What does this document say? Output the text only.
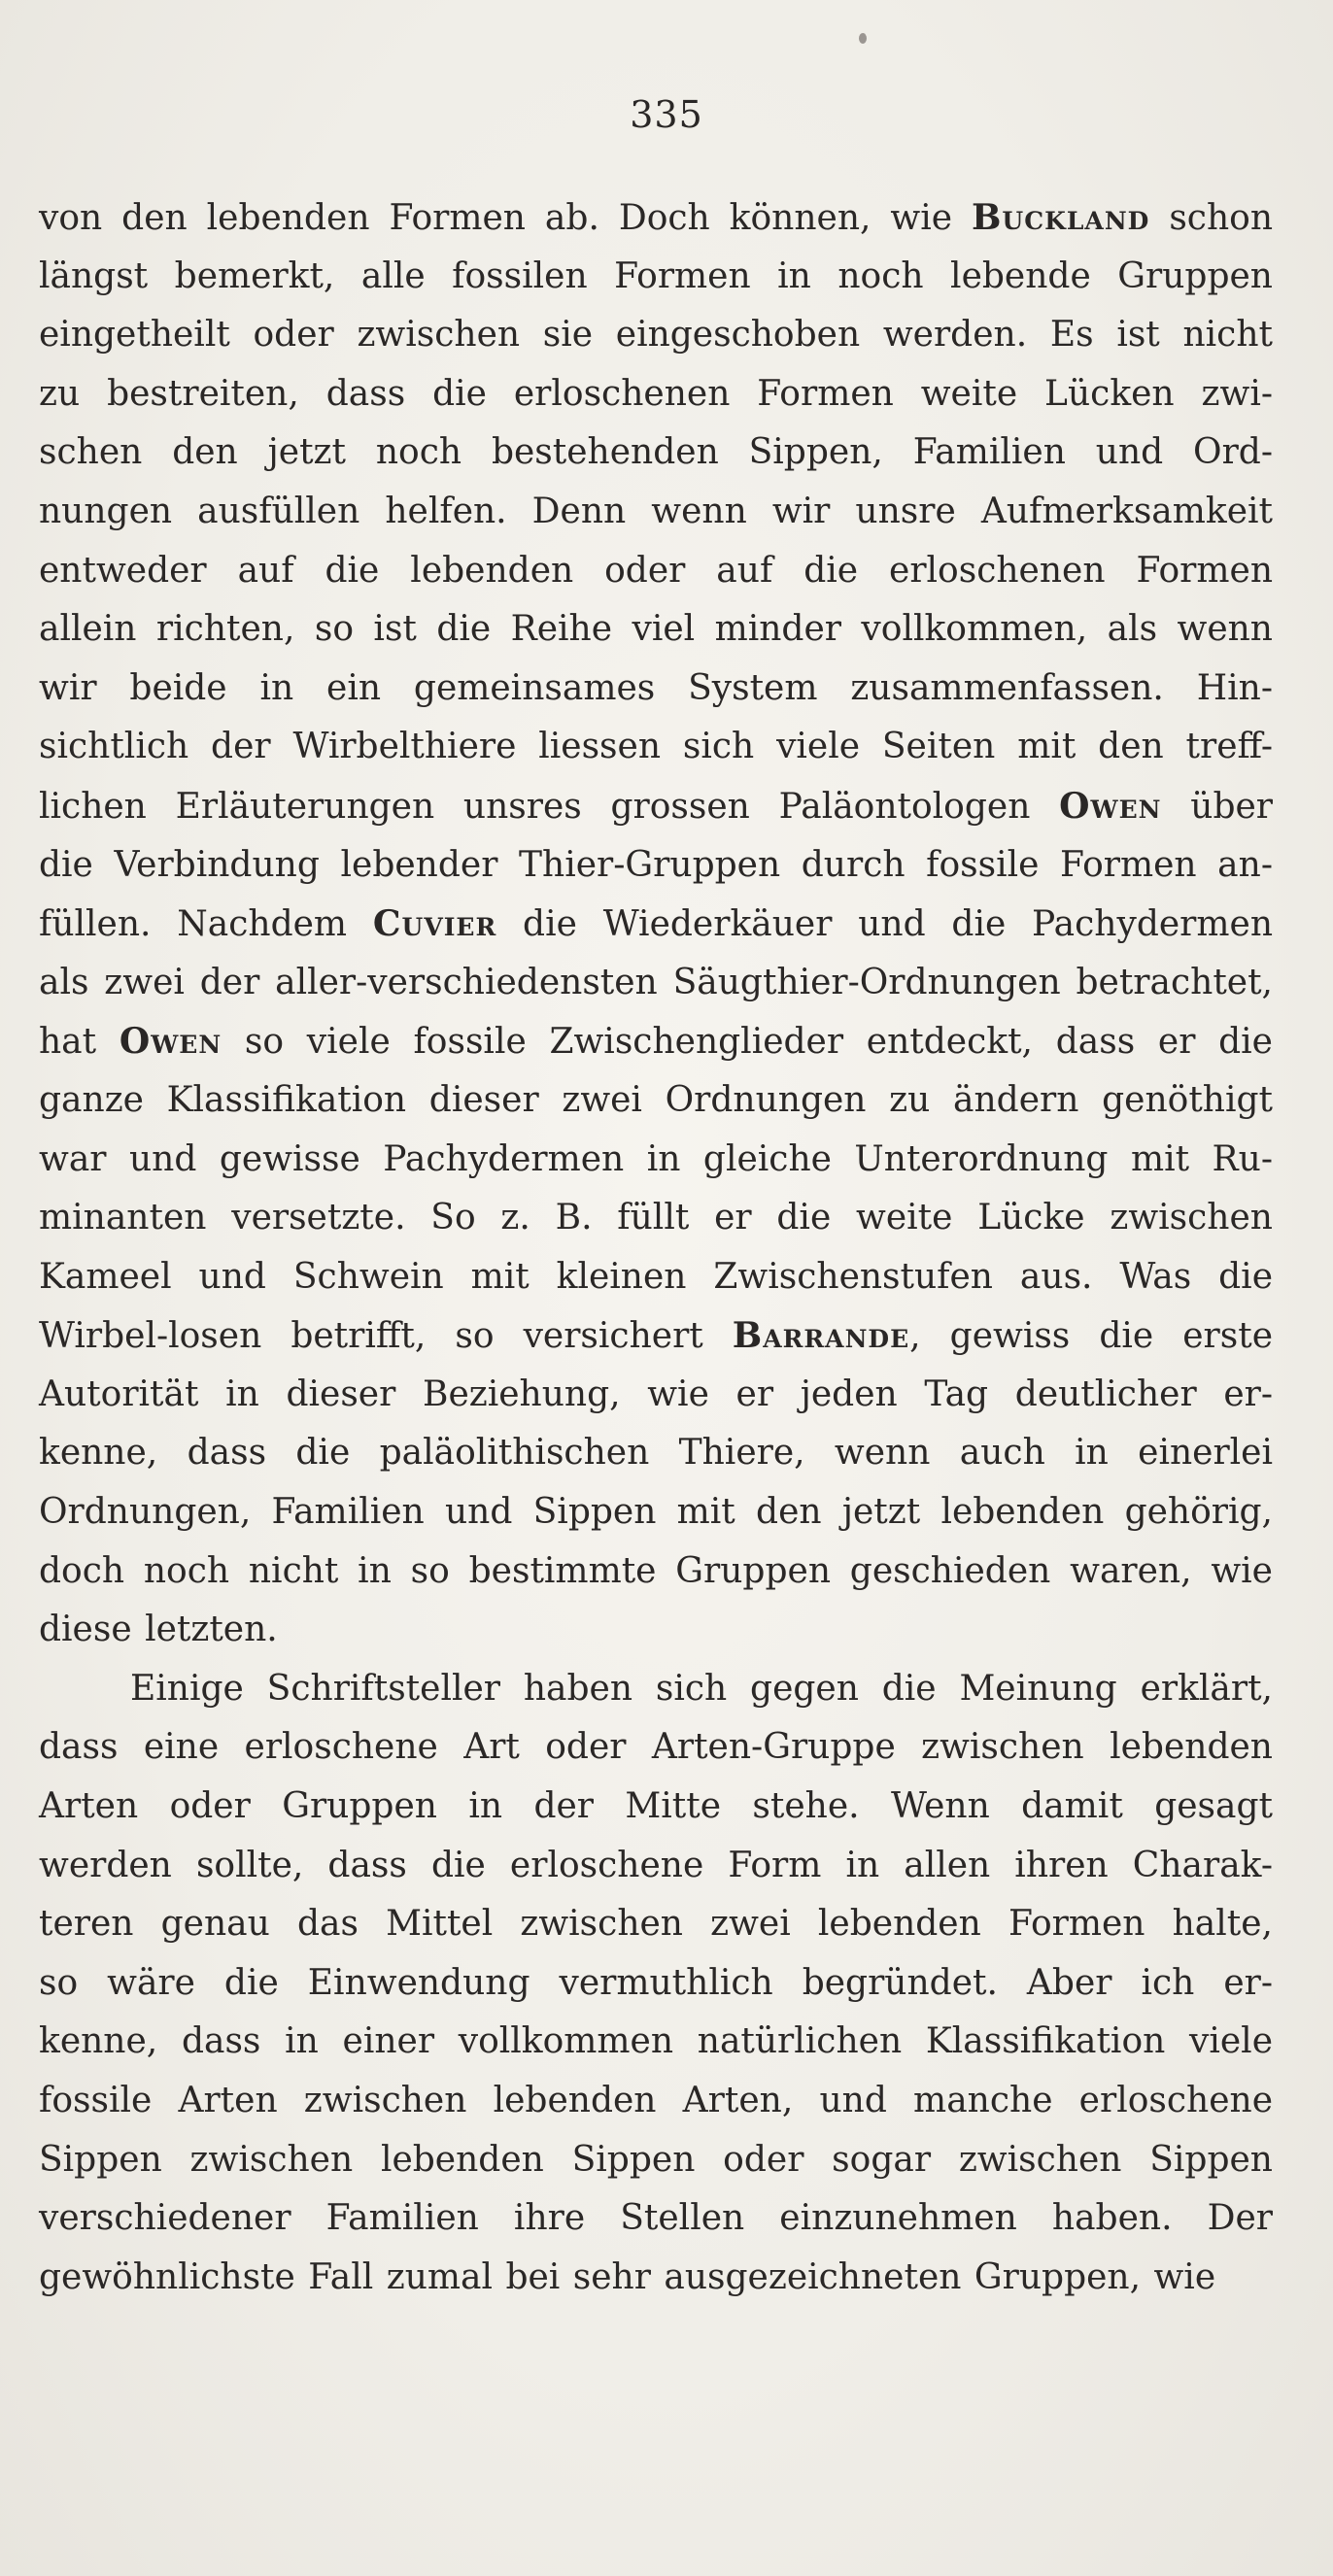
335
von den lebenden Formen ab. Doch können, wie Buckland schon
längst bemerkt, alle fossilen Formen in noch lebende Gruppen
eingetheilt oder zwischen sie eingeschoben werden. Es ist nicht
zu bestreiten, dass die erloschenen Formen weite Lücken zwi-
schen den jetzt noch bestehenden Sippen, Familien und Ord-
nungen ausfüllen helfen. Denn wenn wir unsre Aufmerksamkeit
entweder auf die lebenden oder auf die erloschenen Formen
allein richten, so ist die Reihe viel minder vollkommen, als wenn
wir beide in ein gemeinsames System zusammenfassen. Hin-
sichtlich der Wirbelthiere liessen sich viele Seiten mit den treff-
lichen Erläuterungen unsres grossen Paläontologen Owen über
die Verbindung lebender Thier-Gruppen durch fossile Formen an-
füllen. Nachdem Cuvier die Wiederkäuer und die Pachydermen
als zwei der aller-verschiedensten Säugthier-Ordnungen betrachtet,
hat Owen so viele fossile Zwischenglieder entdeckt, dass er die
ganze Klassifikation dieser zwei Ordnungen zu ändern genöthigt
war und gewisse Pachydermen in gleiche Unterordnung mit Ru-
minanten versetzte. So z. B. füllt er die weite Lücke zwischen
Kameel und Schwein mit kleinen Zwischenstufen aus. Was die
Wirbel-losen betrifft, so versichert Barrande, gewiss die erste
Autorität in dieser Beziehung, wie er jeden Tag deutlicher er-
kenne, dass die paläolithischen Thiere, wenn auch in einerlei
Ordnungen, Familien und Sippen mit den jetzt lebenden gehörig,
doch noch nicht in so bestimmte Gruppen geschieden waren, wie
diese letzten.
Einige Schriftsteller haben sich gegen die Meinung erklärt,
dass eine erloschene Art oder Arten-Gruppe zwischen lebenden
Arten oder Gruppen in der Mitte stehe. Wenn damit gesagt
werden sollte, dass die erloschene Form in allen ihren Charak-
teren genau das Mittel zwischen zwei lebenden Formen halte,
so wäre die Einwendung vermuthlich begründet. Aber ich er-
kenne, dass in einer vollkommen natürlichen Klassifikation viele
fossile Arten zwischen lebenden Arten, und manche erloschene
Sippen zwischen lebenden Sippen oder sogar zwischen Sippen
verschiedener Familien ihre Stellen einzunehmen haben. Der
gewöhnlichste Fall zumal bei sehr ausgezeichneten Gruppen, wie
